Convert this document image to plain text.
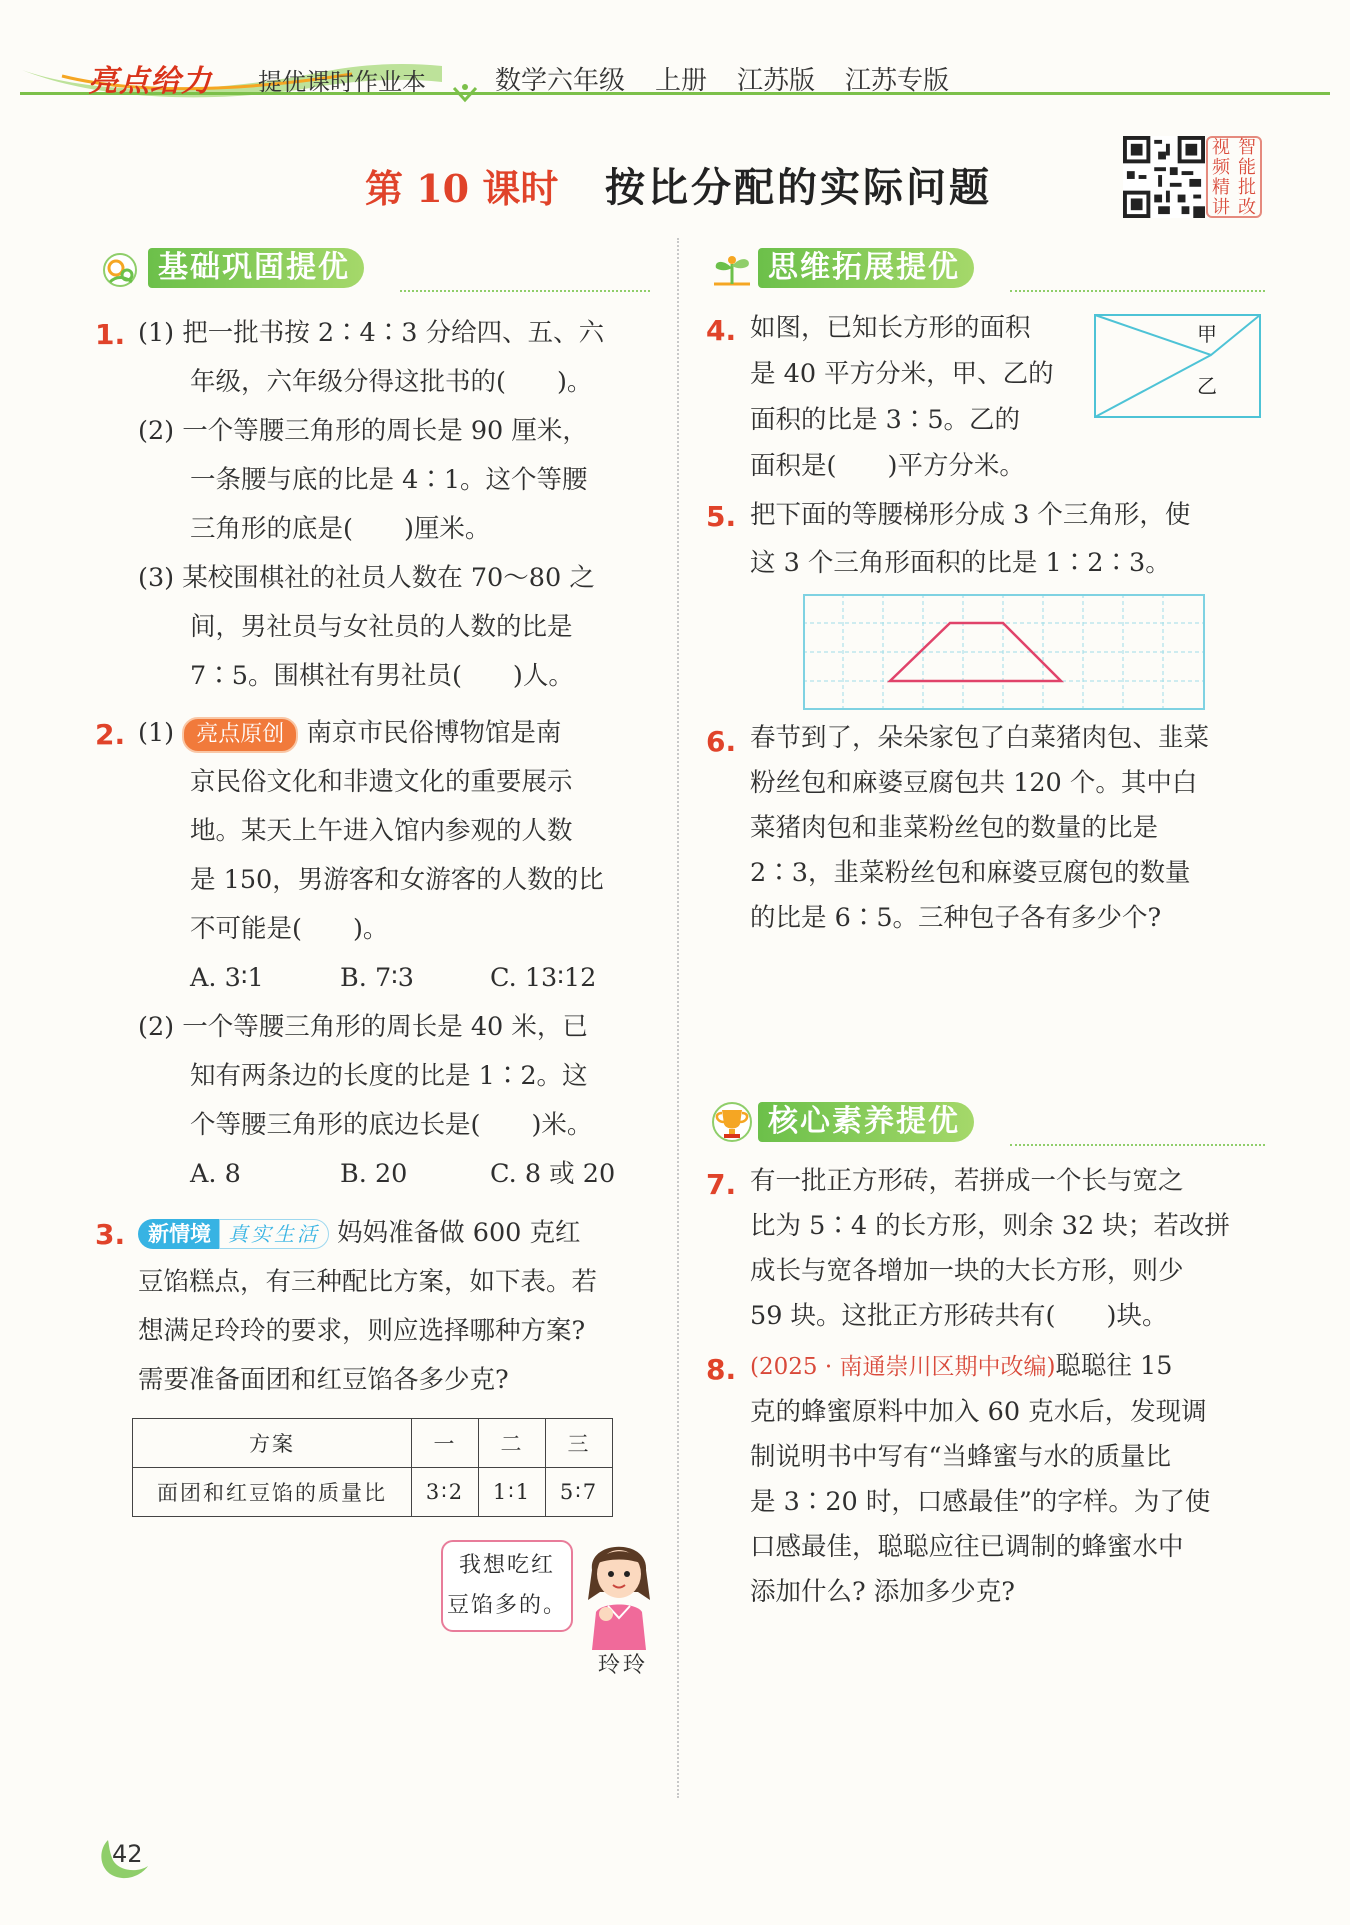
亮点给力 提优课时作业本	数学六年级 上册 江苏版 江苏专版
第 10 课时 按比分配的实际问题
视 智
频 能
精 批
讲 改
基础巩固提优
1. (1) 把一批书按 2∶4∶3 分给四、五、六
年级，六年级分得这批书的(　　)。
(2) 一个等腰三角形的周长是 90 厘米，
一条腰与底的比是 4∶1。这个等腰
三角形的底是(　　)厘米。
(3) 某校围棋社的社员人数在 70～80 之
间，男社员与女社员的人数的比是
7∶5。围棋社有男社员(　　)人。
2. (1) 亮点原创 南京市民俗博物馆是南
京民俗文化和非遗文化的重要展示
地。某天上午进入馆内参观的人数
是 150，男游客和女游客的人数的比
不可能是(　　)。
A. 3∶1	B. 7∶3	C. 13∶12
(2) 一个等腰三角形的周长是 40 米，已
知有两条边的长度的比是 1∶2。这
个等腰三角形的底边长是(　　)米。
A. 8	B. 20	C. 8 或 20
3.	新情境 真实生活 妈妈准备做 600 克红
豆馅糕点，有三种配比方案，如下表。若
想满足玲玲的要求，则应选择哪种方案?
需要准备面团和红豆馅各多少克?
方案	一	二	三
面团和红豆馅的质量比	3∶2	1∶1	5∶7
我想吃红
豆馅多的。
玲玲
思维拓展提优
4. 如图，已知长方形的面积
是 40 平方分米，甲、乙的
面积的比是 3∶5。乙的
面积是(　　)平方分米。
甲
乙
5. 把下面的等腰梯形分成 3 个三角形，使
这 3 个三角形面积的比是 1∶2∶3。
6. 春节到了，朵朵家包了白菜猪肉包、韭菜
粉丝包和麻婆豆腐包共 120 个。其中白
菜猪肉包和韭菜粉丝包的数量的比是
2∶3，韭菜粉丝包和麻婆豆腐包的数量
的比是 6∶5。三种包子各有多少个?
核心素养提优
7. 有一批正方形砖，若拼成一个长与宽之
比为 5∶4 的长方形，则余 32 块；若改拼
成长与宽各增加一块的大长方形，则少
59 块。这批正方形砖共有(　　)块。
8. (2025 · 南通崇川区期中改编)聪聪往 15
克的蜂蜜原料中加入 60 克水后，发现调
制说明书中写有“当蜂蜜与水的质量比
是 3∶20 时，口感最佳”的字样。为了使
口感最佳，聪聪应往已调制的蜂蜜水中
添加什么? 添加多少克?
42
